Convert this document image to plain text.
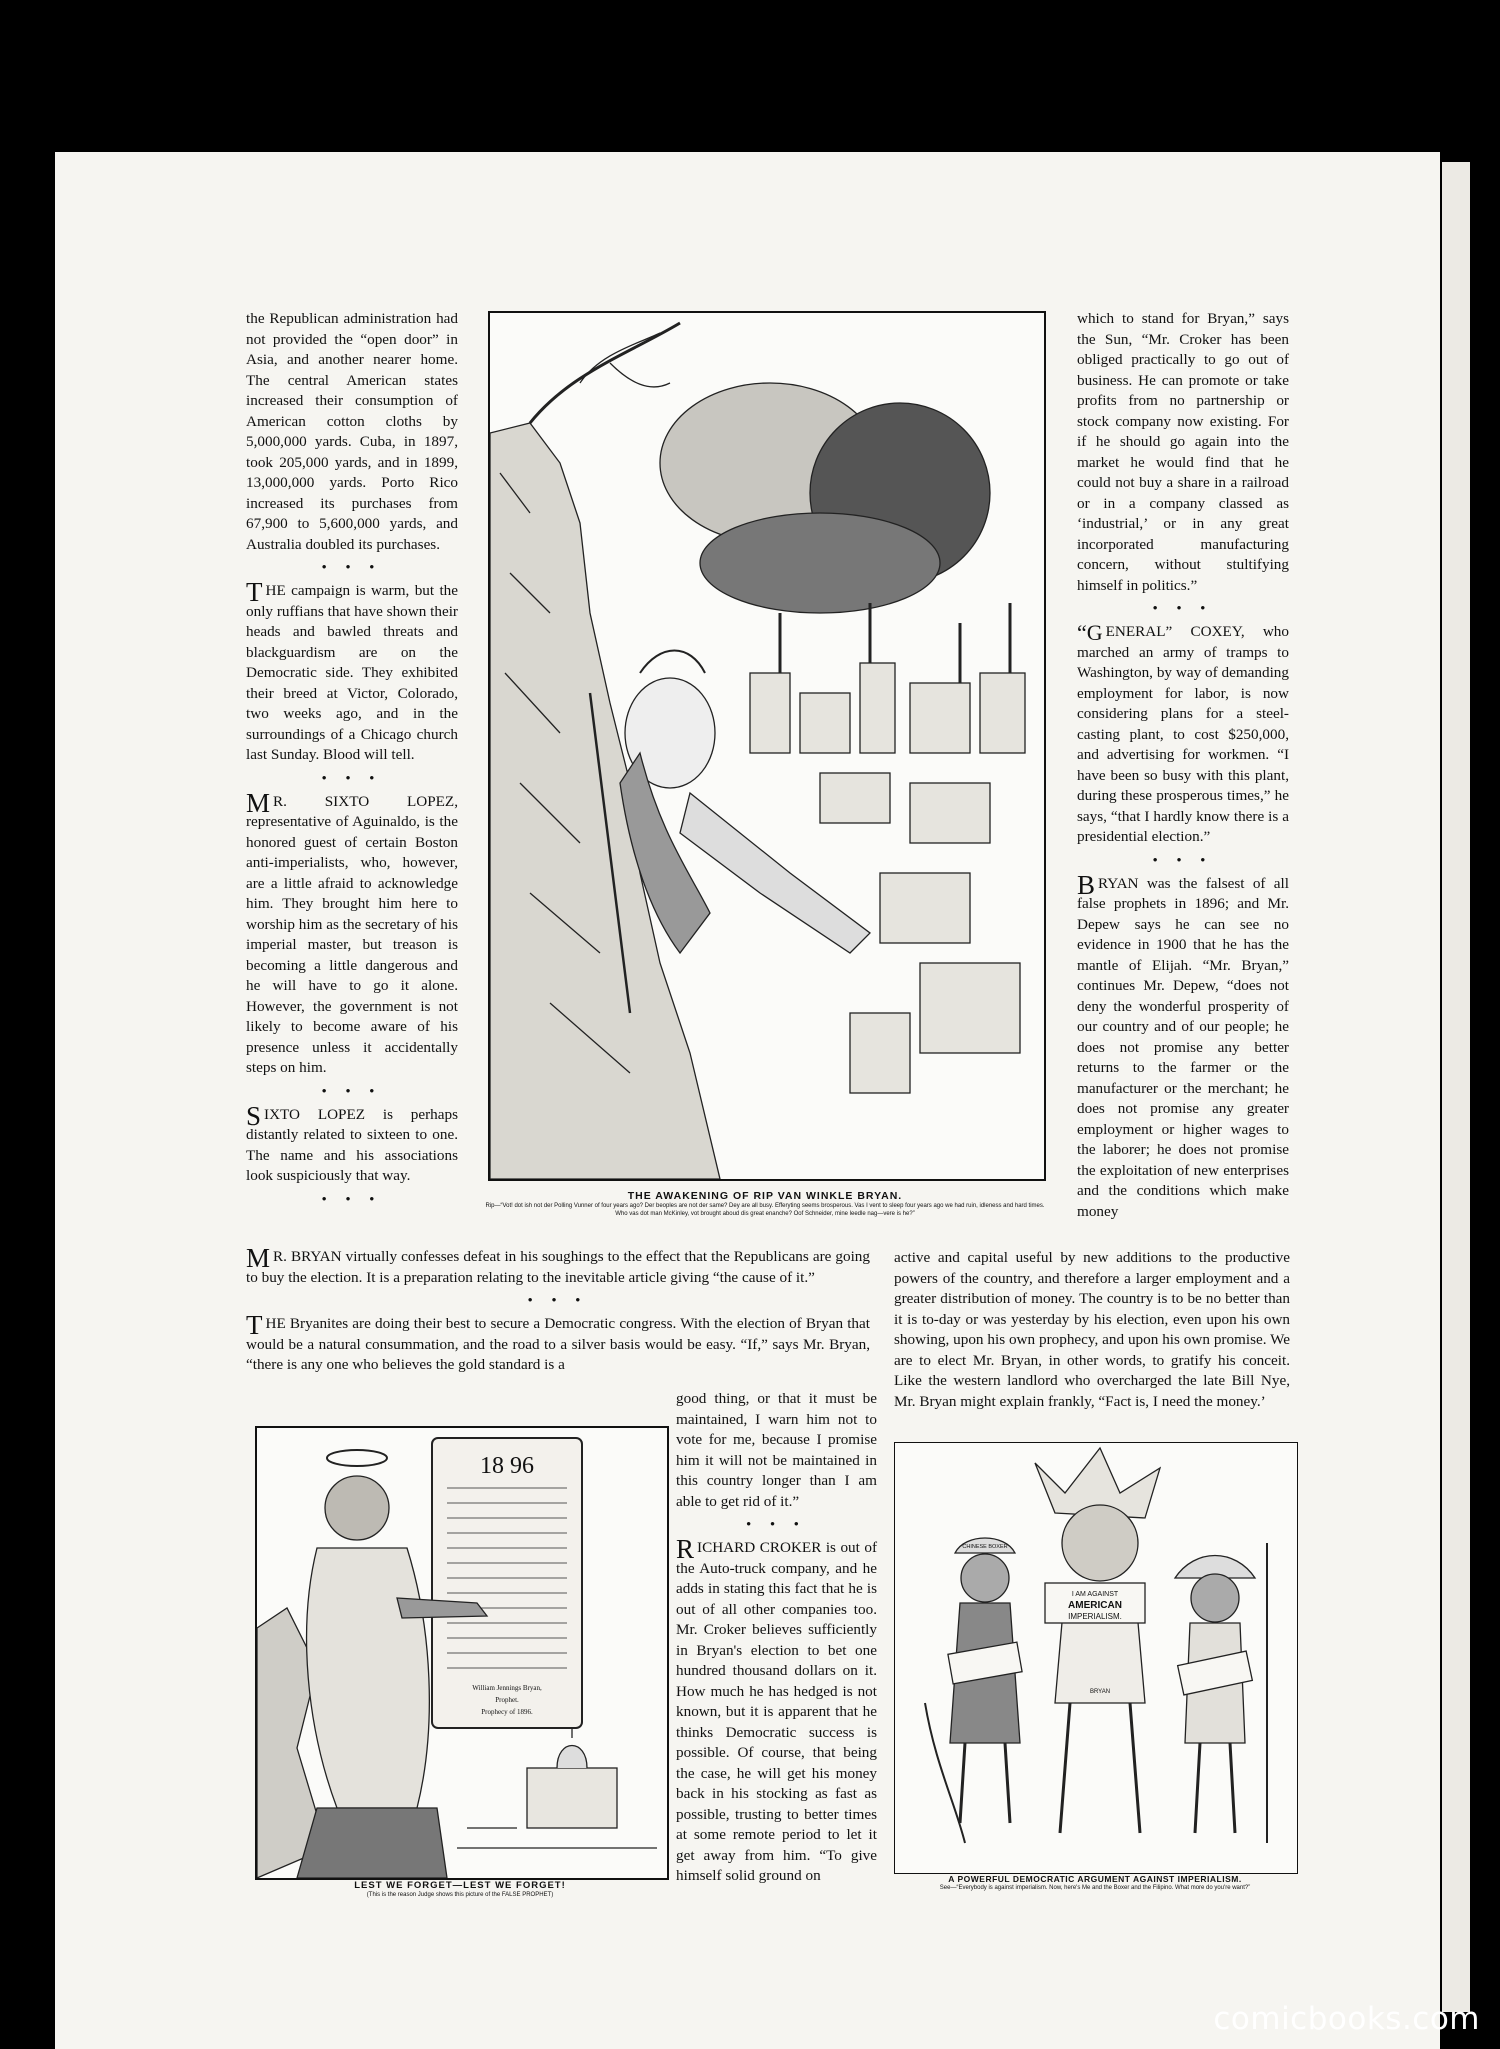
the Republican administration had not provided the “open door” in Asia, and another nearer home. The central American states increased their consumption of American cotton cloths by 5,000,000 yards. Cuba, in 1897, took 205,000 yards, and in 1899, 13,000,000 yards. Porto Rico increased its purchases from 67,900 to 5,600,000 yards, and Australia doubled its purchases.

• • •

THE campaign is warm, but the only ruffians that have shown their heads and bawled threats and blackguardism are on the Democratic side. They exhibited their breed at Victor, Colorado, two weeks ago, and in the surroundings of a Chicago church last Sunday. Blood will tell.

• • •

M R. SIXTO LOPEZ, representative of Aguinaldo, is the honored guest of certain Boston anti-imperialists, who, however, are a little afraid to acknowledge him. They brought him here to worship him as the secretary of his imperial master, but treason is becoming a little dangerous and he will have to go it alone. However, the government is not likely to become aware of his presence unless it accidentally steps on him.

• • •

SIXTO LOPEZ is perhaps distantly related to sixteen to one. The name and his associations look suspiciously that way.

• • •	THE AWAKENING OF RIP VAN WINKLE BRYAN.
Rip—“Vot! dot ish not der Polling Vunner of four years ago? Der beoples are not der same? Dey are all busy. Efferyting seems brosperous. Vas I vent to sleep four years ago we had ruin, idleness and hard times. Who vas dot man McKinley, vot brought aboud dis great enanche? Oof Schneider, mine leedle nag—vere is he?”

which to stand for Bryan,” says the Sun, “Mr. Croker has been obliged practically to go out of business. He can promote or take profits from no partnership or stock company now existing. For if he should go again into the market he would find that he could not buy a share in a railroad or in a company classed as ‘industrial,’ or in any great incorporated manufacturing concern, without stultifying himself in politics.”

• • •

“G ENERAL” COXEY, who marched an army of tramps to Washington, by way of demanding employment for labor, is now considering plans for a steel-casting plant, to cost $250,000, and advertising for workmen. “I have been so busy with this plant, during these prosperous times,” he says, “that I hardly know there is a presidential election.”

• • •

BRYAN was the falsest of all false prophets in 1896; and Mr. Depew says he can see no evidence in 1900 that he has the mantle of Elijah. “Mr. Bryan,” continues Mr. Depew, “does not deny the wonderful prosperity of our country and of our people; he does not promise any better returns to the farmer or the manufacturer or the merchant; he does not promise any greater employment or higher wages to the laborer; he does not promise the exploitation of new enterprises and the conditions which make money

active and capital useful by new additions to the productive powers of the country, and therefore a larger employment and a greater distribution of money. The country is to be no better than it is to-day or was yesterday by his election, even upon his own showing, upon his own prophecy, and upon his own promise. We are to elect Mr. Bryan, in other words, to gratify his conceit. Like the western landlord who overcharged the late Bill Nye, Mr. Bryan might explain frankly, “Fact is, I need the money.’

M R. BRYAN virtually confesses defeat in his soughings to the effect that the Republicans are going to buy the election. It is a preparation relating to the inevitable article giving “the cause of it.”

• • •

THE Bryanites are doing their best to secure a Democratic congress. With the election of Bryan that would be a natural consummation, and the road to a silver basis would be easy. “If,” says Mr. Bryan, “there is any one who believes the gold standard is a

good thing, or that it must be maintained, I warn him not to vote for me, because I promise him it will not be maintained in this country longer than I am able to get rid of it.”

• • •

RICHARD CROKER is out of the Auto-truck company, and he adds in stating this fact that he is out of all other companies too. Mr. Croker believes sufficiently in Bryan's election to bet one hundred thousand dollars on it. How much he has hedged is not known, but it is apparent that he thinks Democratic success is possible. Of course, that being the case, he will get his money back in his stocking as fast as possible, trusting to better times at some remote period to let it get away from him. “To give himself solid ground on

18 96
William Jennings Bryan,
Prophet.
Prophecy of 1896.
LEST WE FORGET—LEST WE FORGET!
(This is the reason Judge shows this picture of the FALSE PROPHET)
I AM AGAINST
AMERICAN
IMPERIALISM.
CHINESE BOXER
BRYAN
A POWERFUL DEMOCRATIC ARGUMENT AGAINST IMPERIALISM.
See—“Everybody is against imperialism. Now, here's Me and the Boxer and the Filipino. What more do you're want?”
comicbooks.com
